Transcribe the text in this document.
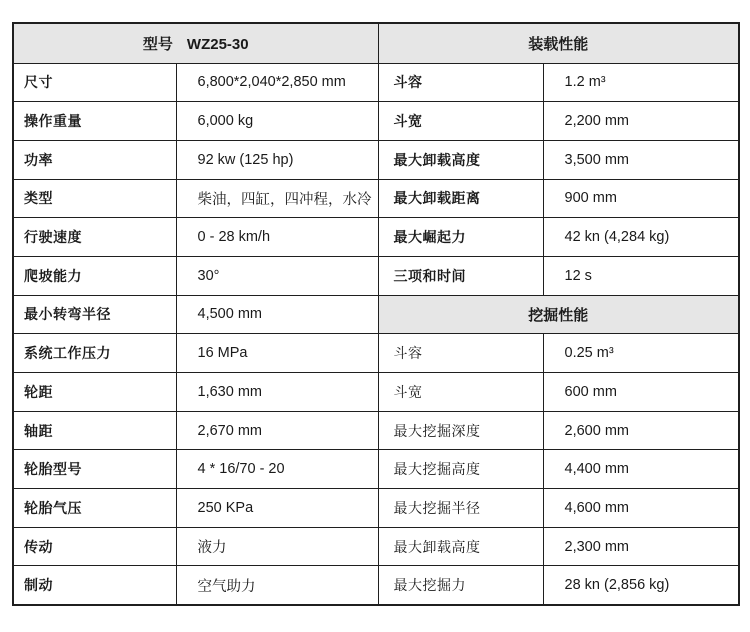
型号 WZ25-30		装载性能	
尺寸	6,800*2,040*2,850 mm	斗容	1.2 m³
操作重量	6,000 kg	斗宽	2,200 mm
功率	92 kw (125 hp)	最大卸载高度	3,500 mm
类型	柴油，四缸，四冲程，水冷	最大卸载距离	900 mm
行驶速度	0 - 28 km/h	最大崛起力	42 kn (4,284 kg)
爬坡能力	30°	三项和时间	12 s
最小转弯半径	4,500 mm	挖掘性能	
系统工作压力	16 MPa	斗容	0.25 m³
轮距	1,630 mm	斗宽	600 mm
轴距	2,670 mm	最大挖掘深度	2,600 mm
轮胎型号	4 * 16/70 - 20	最大挖掘高度	4,400 mm
轮胎气压	250 KPa	最大挖掘半径	4,600 mm
传动	液力	最大卸载高度	2,300 mm
制动	空气助力	最大挖掘力	28 kn (2,856 kg)
